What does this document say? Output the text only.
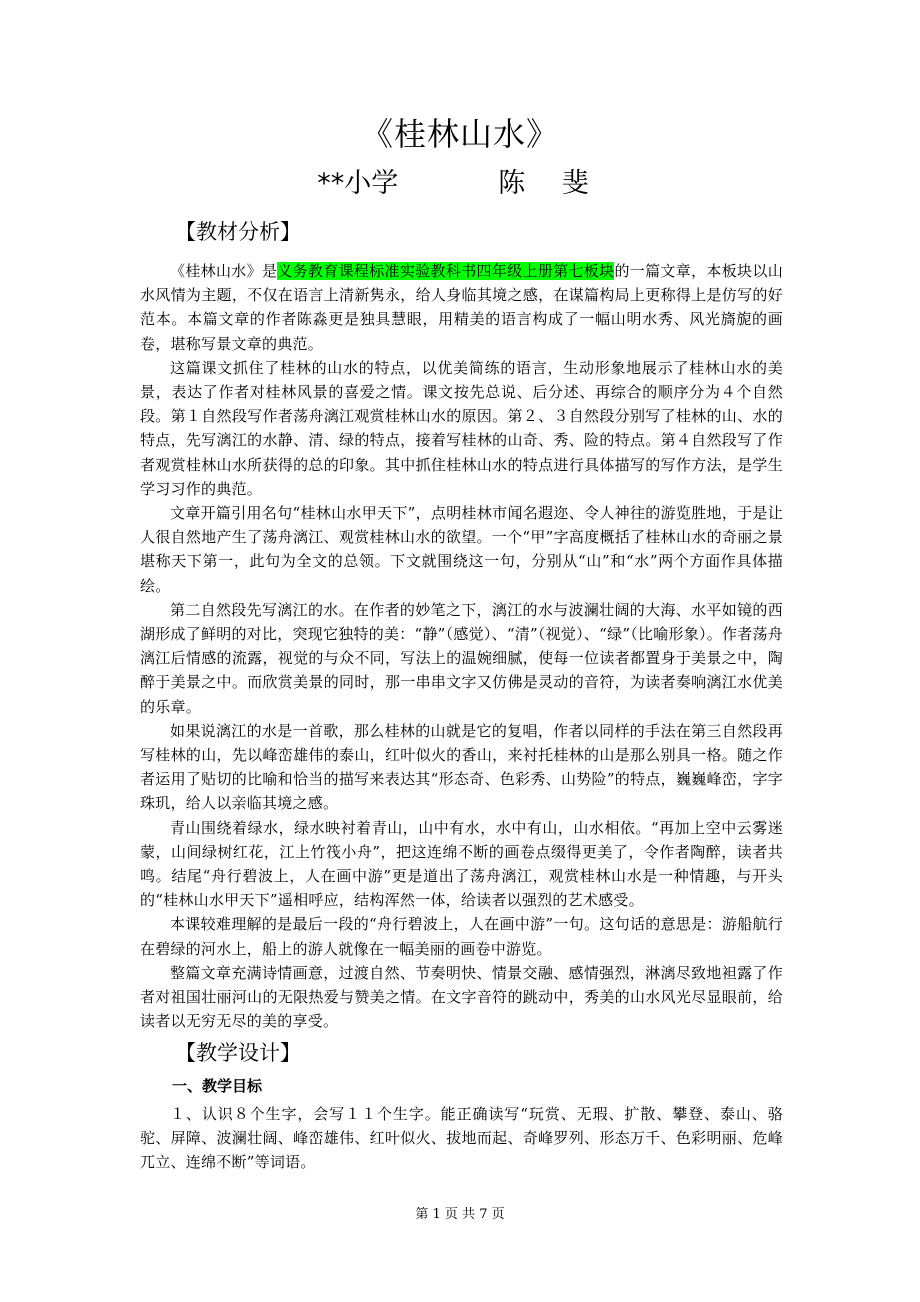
《桂林山水》
**小学	陈 斐
【教材分析】

《桂林山水》是义务教育课程标准实验教科书四年级上册第七板块的一篇文章，本板块以山水风情为主题，不仅在语言上清新隽永，给人身临其境之感，在谋篇构局上更称得上是仿写的好范本。本篇文章的作者陈淼更是独具慧眼，用精美的语言构成了一幅山明水秀、风光旖旎的画卷，堪称写景文章的典范。

这篇课文抓住了桂林的山水的特点，以优美简练的语言，生动形象地展示了桂林山水的美景，表达了作者对桂林风景的喜爱之情。课文按先总说、后分述、再综合的顺序分为４个自然段。第１自然段写作者荡舟漓江观赏桂林山水的原因。第２、３自然段分别写了桂林的山、水的特点，先写漓江的水静、清、绿的特点，接着写桂林的山奇、秀、险的特点。第４自然段写了作者观赏桂林山水所获得的总的印象。其中抓住桂林山水的特点进行具体描写的写作方法，是学生学习习作的典范。

文章开篇引用名句“桂林山水甲天下”，点明桂林市闻名遐迩、令人神往的游览胜地，于是让人很自然地产生了荡舟漓江、观赏桂林山水的欲望。一个“甲”字高度概括了桂林山水的奇丽之景堪称天下第一，此句为全文的总领。下文就围绕这一句，分别从“山”和“水”两个方面作具体描绘。

第二自然段先写漓江的水。在作者的妙笔之下，漓江的水与波澜壮阔的大海、水平如镜的西湖形成了鲜明的对比，突现它独特的美：“静”（感觉）、“清”（视觉）、“绿”（比喻形象）。作者荡舟漓江后情感的流露，视觉的与众不同，写法上的温婉细腻，使每一位读者都置身于美景之中，陶醉于美景之中。而欣赏美景的同时，那一串串文字又仿佛是灵动的音符，为读者奏响漓江水优美的乐章。

如果说漓江的水是一首歌，那么桂林的山就是它的复唱，作者以同样的手法在第三自然段再写桂林的山，先以峰峦雄伟的泰山，红叶似火的香山，来衬托桂林的山是那么别具一格。随之作者运用了贴切的比喻和恰当的描写来表达其“形态奇、色彩秀、山势险”的特点，巍巍峰峦，字字珠玑，给人以亲临其境之感。

青山围绕着绿水，绿水映衬着青山，山中有水，水中有山，山水相依。“再加上空中云雾迷蒙，山间绿树红花，江上竹筏小舟”，把这连绵不断的画卷点缀得更美了，令作者陶醉，读者共鸣。结尾“舟行碧波上，人在画中游”更是道出了荡舟漓江，观赏桂林山水是一种情趣，与开头的“桂林山水甲天下”遥相呼应，结构浑然一体，给读者以强烈的艺术感受。

本课较难理解的是最后一段的“舟行碧波上，人在画中游”一句。这句话的意思是：游船航行在碧绿的河水上，船上的游人就像在一幅美丽的画卷中游览。

整篇文章充满诗情画意，过渡自然、节奏明快、情景交融、感情强烈，淋漓尽致地袒露了作者对祖国壮丽河山的无限热爱与赞美之情。在文字音符的跳动中，秀美的山水风光尽显眼前，给读者以无穷无尽的美的享受。

【教学设计】
一、教学目标

１、认识８个生字，会写１１个生字。能正确读写“玩赏、无瑕、扩散、攀登、泰山、骆驼、屏障、波澜壮阔、峰峦雄伟、红叶似火、拔地而起、奇峰罗列、形态万千、色彩明丽、危峰兀立、连绵不断”等词语。

第 1 页 共 7 页
